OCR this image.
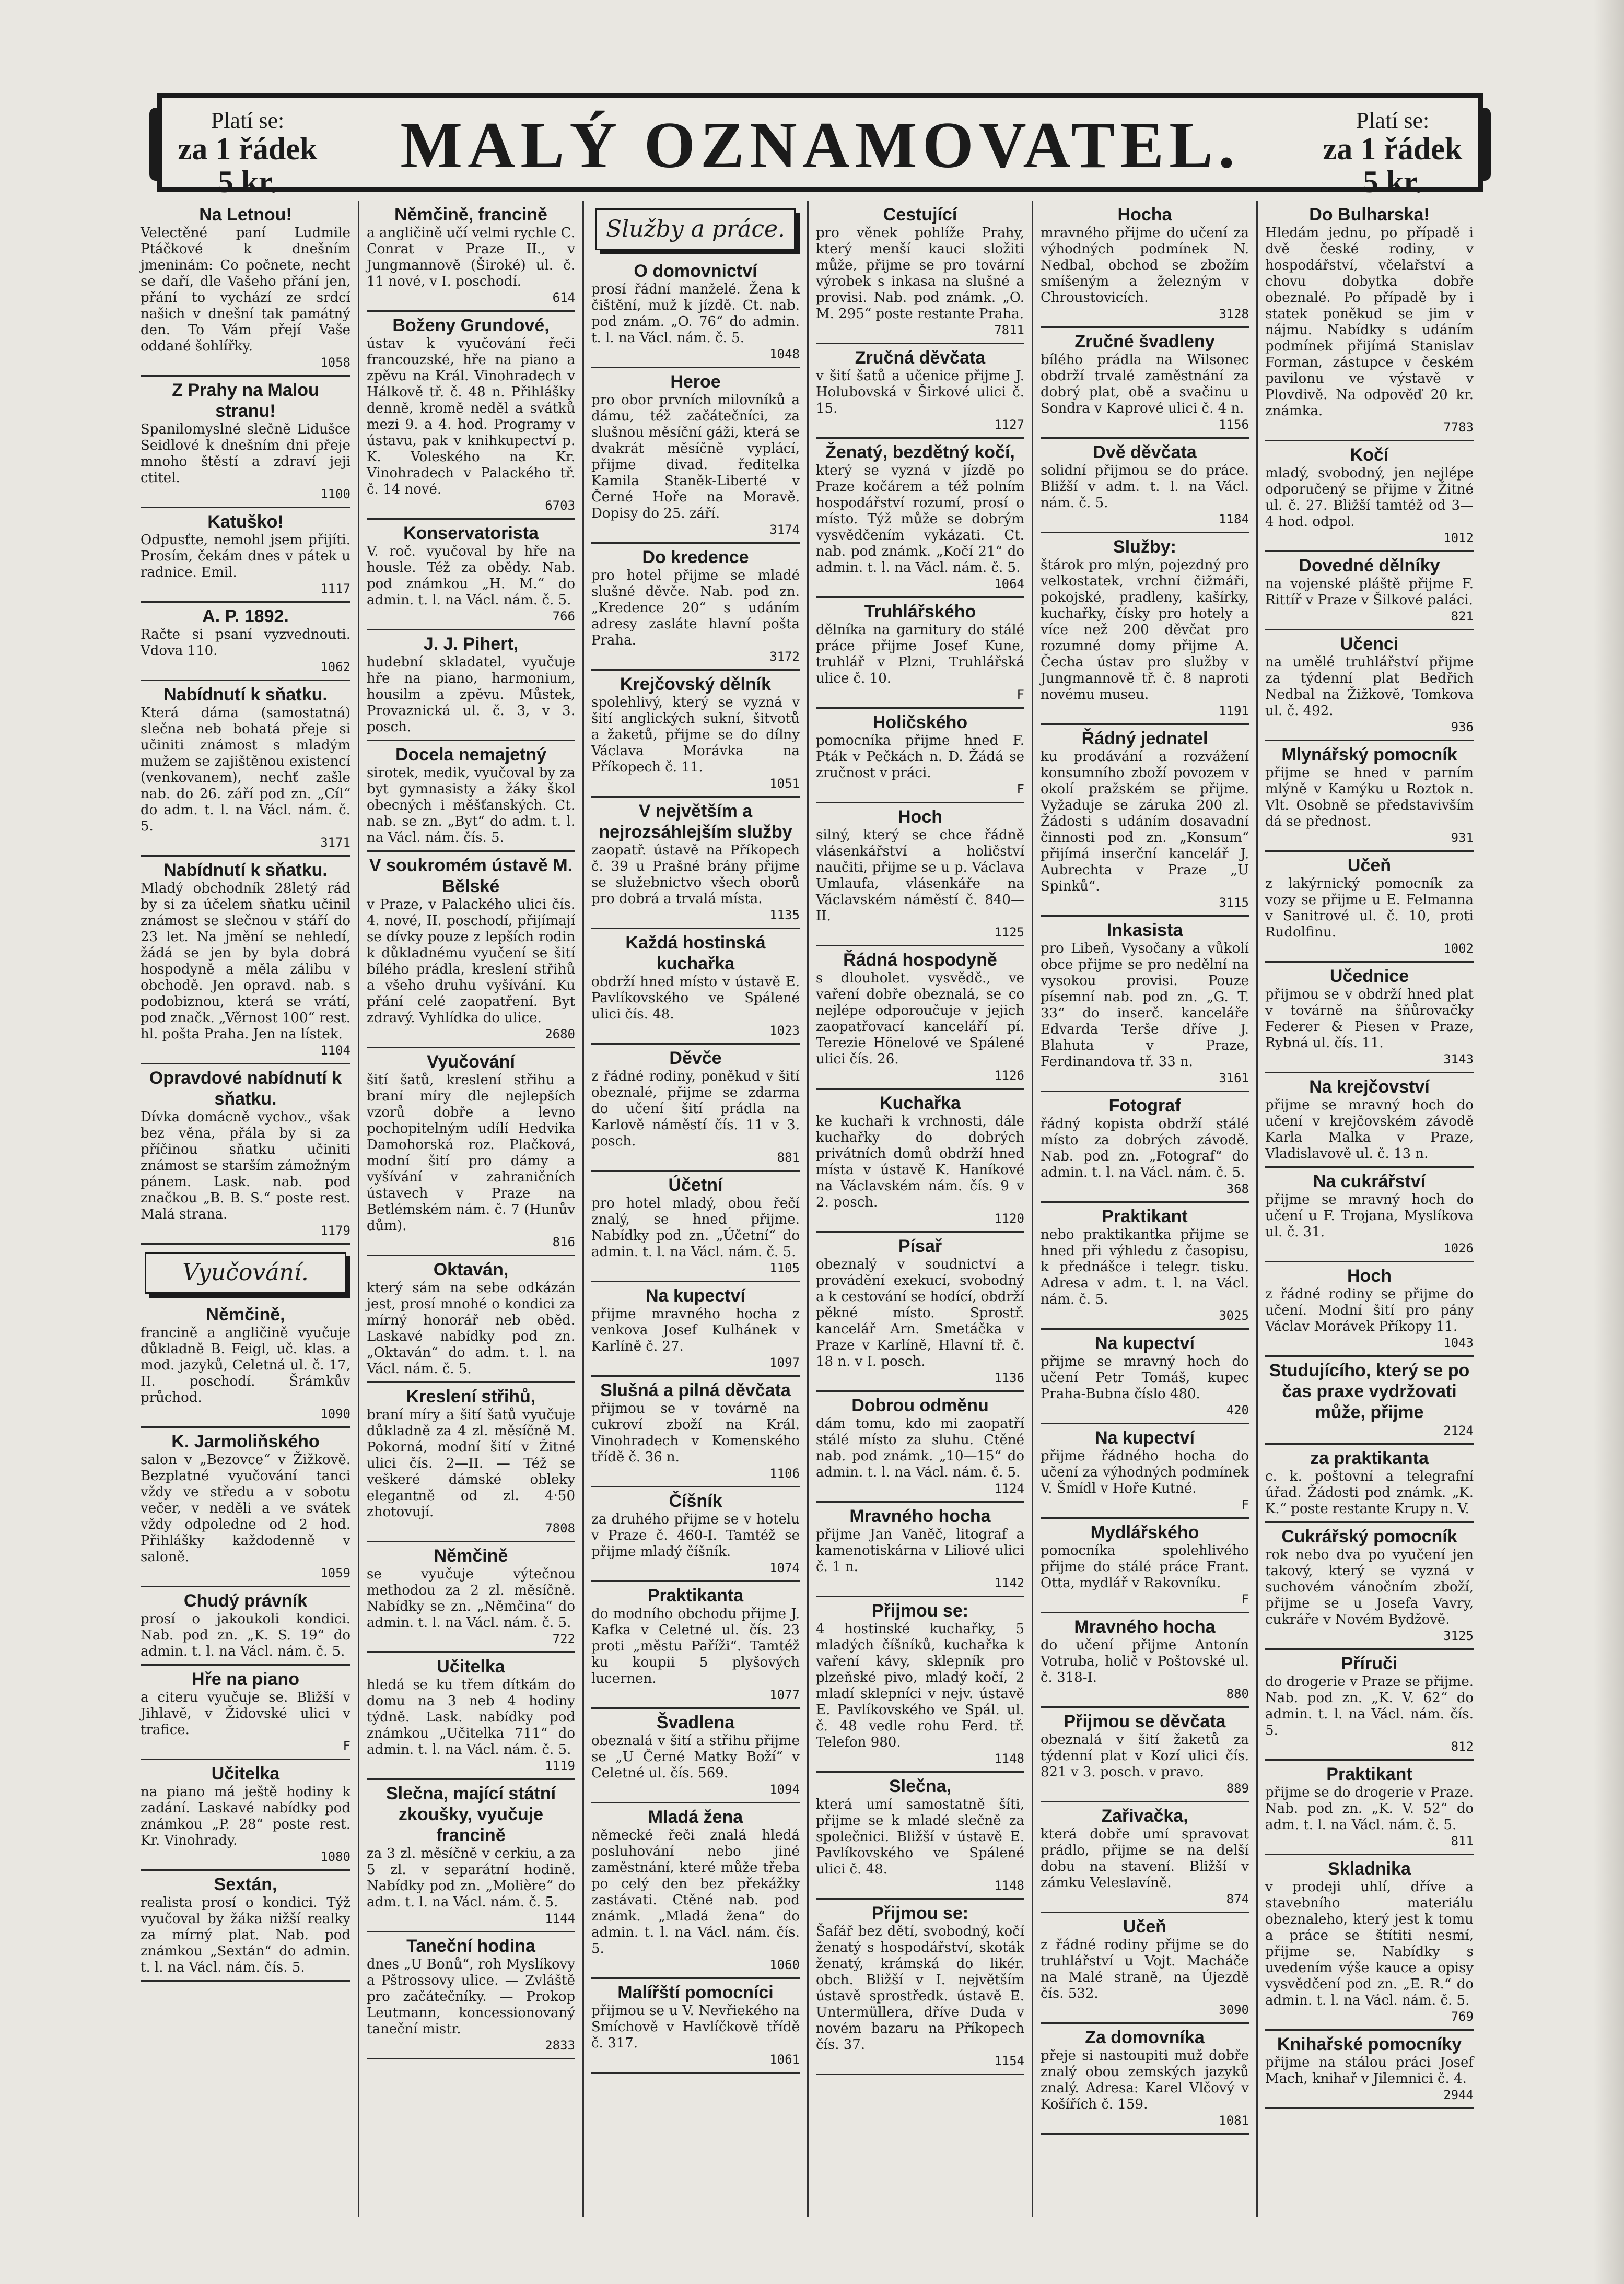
Platí se:
za 1 řádek 5 kr.
MALÝ OZNAMOVATEL.	Platí se:
za 1 řádek 5 kr.
Na Letnou!
Velectěné paní Ludmile Ptáčkové k dnešním jmeninám: Co počnete, necht se daří, dle Vašeho přání jen, přání to vychází ze srdcí našich v dnešní tak památný den. To Vám přejí Vaše oddané šohlířky.
1058
Z Prahy na Malou stranu!
Spanilomyslné slečně Lidušce Seidlové k dnešním dni přeje mnoho štěstí a zdraví jeji ctitel.
1100
Katuško!
Odpusťte, nemohl jsem přijíti. Prosím, čekám dnes v pátek u radnice. Emil.
1117
A. P. 1892.
Račte si psaní vyzvednouti. Vdova 110.
1062
Nabídnutí k sňatku.
Která dáma (samostatná) slečna neb bohatá přeje si učiniti známost s mladým mužem se zajištěnou existencí (venkovanem), nechť zašle nab. do 26. září pod zn. „Cíl“ do adm. t. l. na Václ. nám. č. 5.
3171
Nabídnutí k sňatku.
Mladý obchodník 28letý rád by si za účelem sňatku učinil známost se slečnou v stáří do 23 let. Na jmění se nehledí, žádá se jen by byla dobrá hospodyně a měla zálibu v obchodě. Jen opravd. nab. s podobiznou, která se vrátí, pod značk. „Věrnost 100“ rest. hl. pošta Praha. Jen na lístek.
1104
Opravdové nabídnutí k sňatku.
Dívka domácně vychov., však bez věna, přála by si za příčinou sňatku učiniti známost se starším zámožným pánem. Lask. nab. pod značkou „B. B. S.“ poste rest. Malá strana.
1179
Vyučování.
Němčině,
francině a angličině vyučuje důkladně B. Feigl, uč. klas. a mod. jazyků, Celetná ul. č. 17, II. poschodí. Šrámkův průchod.
1090
K. Jarmoliňského
salon v „Bezovce“ v Žižkově. Bezplatné vyučování tanci vždy ve středu a v sobotu večer, v neděli a ve svátek vždy odpoledne od 2 hod. Přihlášky každodenně v saloně.
1059
Chudý právník
prosí o jakoukoli kondici. Nab. pod zn. „K. S. 19“ do admin. t. l. na Václ. nám. č. 5.
Hře na piano
a citeru vyučuje se. Bližší v Jihlavě, v Židovské ulici v trafice.
F
Učitelka
na piano má ještě hodiny k zadání. Laskavé nabídky pod známkou „P. 28“ poste rest. Kr. Vinohrady.
1080
Sextán,
realista prosí o kondici. Týž vyučoval by žáka nižší realky za mírný plat. Nab. pod známkou „Sextán“ do admin. t. l. na Václ. nám. čís. 5.
Němčině, francině
a angličině učí velmi rychle C. Conrat v Praze II., v Jungmannově (Široké) ul. č. 11 nové, v I. poschodí.
614
Boženy Grundové,
ústav k vyučování řeči francouzské, hře na piano a zpěvu na Král. Vinohradech v Hálkově tř. č. 48 n. Přihlášky denně, kromě neděl a svátků mezi 9. a 4. hod. Programy v ústavu, pak v knihkupectví p. K. Voleského na Kr. Vinohradech v Palackého tř. č. 14 nové.
6703
Konservatorista
V. roč. vyučoval by hře na housle. Též za obědy. Nab. pod známkou „H. M.“ do admin. t. l. na Václ. nám. č. 5.
766
J. J. Pihert,
hudební skladatel, vyučuje hře na piano, harmonium, housilm a zpěvu. Můstek, Provaznická ul. č. 3, v 3. posch.
Docela nemajetný
sirotek, medik, vyučoval by za byt gymnasisty a žáky škol obecných i měšťanských. Ct. nab. se zn. „Byt“ do adm. t. l. na Václ. nám. čís. 5.
V soukromém ústavě M. Bělské
v Praze, v Palackého ulici čís. 4. nové, II. poschodí, přijímají se dívky pouze z lepších rodin k důkladnému vyučení se šití bílého prádla, kreslení střihů a všeho druhu vyšívání. Ku přání celé zaopatření. Byt zdravý. Vyhlídka do ulice.
2680
Vyučování
šití šatů, kreslení střihu a braní míry dle nejlepších vzorů dobře a levno pochopitelným udílí Hedvika Damohorská roz. Plačková, modní šití pro dámy a vyšívání v zahraničních ústavech v Praze na Betlémském nám. č. 7 (Hunův dům).
816
Oktaván,
který sám na sebe odkázán jest, prosí mnohé o kondici za mírný honorář neb oběd. Laskavé nabídky pod zn. „Oktaván“ do adm. t. l. na Václ. nám. č. 5.
Kreslení střihů,
braní míry a šití šatů vyučuje důkladně za 4 zl. měsíčně M. Pokorná, modní šití v Žitné ulici čís. 2—II. — Též se veškeré dámské obleky elegantně od zl. 4·50 zhotovují.
7808
Němčině
se vyučuje výtečnou methodou za 2 zl. měsíčně. Nabídky se zn. „Němčina“ do admin. t. l. na Václ. nám. č. 5.
722
Učitelka
hledá se ku třem dítkám do domu na 3 neb 4 hodiny týdně. Lask. nabídky pod známkou „Učitelka 711“ do admin. t. l. na Václ. nám. č. 5.
1119
Slečna, mající státní zkoušky, vyučuje francině
za 3 zl. měsíčně v cerkiu, a za 5 zl. v separátní hodině. Nabídky pod zn. „Molière“ do adm. t. l. na Václ. nám. č. 5.
1144
Taneční hodina
dnes „U Bonů“, roh Myslíkovy a Pštrossovy ulice. — Zvláště pro začátečníky. — Prokop Leutmann, koncessionovaný taneční mistr.
2833
Služby a práce.
O domovnictví
prosí řádní manželé. Žena k čištění, muž k jízdě. Ct. nab. pod znám. „O. 76“ do admin. t. l. na Václ. nám. č. 5.
1048
Heroe
pro obor prvních milovníků a dámu, též začátečníci, za slušnou měsíční gáži, která se dvakrát měsíčně vyplácí, přijme divad. ředitelka Kamila Staněk-Liberté v Černé Hoře na Moravě. Dopisy do 25. září.
3174
Do kredence
pro hotel přijme se mladé slušné děvče. Nab. pod zn. „Kredence 20“ s udáním adresy zasláte hlavní pošta Praha.
3172
Krejčovský dělník
spolehlivý, který se vyzná v šití anglických sukní, šitvotů a žaketů, přijme se do dílny Václava Morávka na Příkopech č. 11.
1051
V největším a nejrozsáhlejším služby
zaopatř. ústavě na Příkopech č. 39 u Prašné brány přijme se služebnictvo všech oborů pro dobrá a trvalá místa.
1135
Každá hostinská kuchařka
obdrží hned místo v ústavě E. Pavlíkovského ve Spálené ulici čís. 48.
1023
Děvče
z řádné rodiny, poněkud v šití obeznalé, přijme se zdarma do učení šití prádla na Karlově náměstí čís. 11 v 3. posch.
881
Účetní
pro hotel mladý, obou řečí znalý, se hned přijme. Nabídky pod zn. „Účetní“ do admin. t. l. na Václ. nám. č. 5.
1105
Na kupectví
přijme mravného hocha z venkova Josef Kulhánek v Karlíně č. 27.
1097
Slušná a pilná děvčata
přijmou se v továrně na cukroví zboží na Král. Vinohradech v Komenského třídě č. 36 n.
1106
Číšník
za druhého přijme se v hotelu v Praze č. 460-I. Tamtéž se přijme mladý číšník.
1074
Praktikanta
do modního obchodu přijme J. Kafka v Celetné ul. čís. 23 proti „městu Paříži“. Tamtéž ku koupii 5 plyšových lucernen.
1077
Švadlena
obeznalá v šití a střihu přijme se „U Černé Matky Boží“ v Celetné ul. čís. 569.
1094
Mladá žena
německé řeči znalá hledá posluhování nebo jiné zaměstnání, které může třeba po celý den bez překážky zastávati. Ctěné nab. pod známk. „Mladá žena“ do admin. t. l. na Václ. nám. čís. 5.
1060
Malířští pomocníci
přijmou se u V. Nevřiekého na Smíchově v Havlíčkově třídě č. 317.
1061
Cestující
pro věnek pohlíže Prahy, který menší kauci složiti může, přijme se pro tovární výrobek s inkasa na slušné a provisi. Nab. pod známk. „O. M. 295“ poste restante Praha.
7811
Zručná děvčata
v šití šatů a učenice přijme J. Holubovská v Širkové ulici č. 15.
1127
Ženatý, bezdětný kočí,
který se vyzná v jízdě po Praze kočárem a též polním hospodářství rozumí, prosí o místo. Týž může se dobrým vysvědčením vykázati. Ct. nab. pod známk. „Kočí 21“ do admin. t. l. na Václ. nám. č. 5.
1064
Truhlářského
dělníka na garnitury do stálé práce přijme Josef Kune, truhlář v Plzni, Truhlářská ulice č. 10.
F
Holičského
pomocníka přijme hned F. Pták v Pečkách n. D. Žádá se zručnost v práci.
F
Hoch
silný, který se chce řádně vlásenkářství a holičství naučiti, přijme se u p. Václava Umlaufa, vlásenkáře na Václavském náměstí č. 840—II.
1125
Řádná hospodyně
s dlouholet. vysvědč., ve vaření dobře obeznalá, se co nejlépe odporoučuje v jejich zaopatřovací kanceláří pí. Terezie Hönelové ve Spálené ulici čís. 26.
1126
Kuchařka
ke kuchaři k vrchnosti, dále kuchařky do dobrých privátních domů obdrží hned místa v ústavě K. Haníkové na Václavském nám. čís. 9 v 2. posch.
1120
Písař
obeznalý v soudnictví a provádění exekucí, svobodný a k cestování se hodící, obdrží pěkné místo. Sprostř. kancelář Arn. Smetáčka v Praze v Karlíně, Hlavní tř. č. 18 n. v I. posch.
1136
Dobrou odměnu
dám tomu, kdo mi zaopatří stálé místo za sluhu. Ctěné nab. pod známk. „10—15“ do admin. t. l. na Václ. nám. č. 5.
1124
Mravného hocha
přijme Jan Vaněč, litograf a kamenotiskárna v Liliové ulici č. 1 n.
1142
Přijmou se:
4 hostinské kuchařky, 5 mladých číšníků, kuchařka k vaření kávy, sklepník pro plzeňské pivo, mladý kočí, 2 mladí sklepníci v nejv. ústavě E. Pavlíkovského ve Spál. ul. č. 48 vedle rohu Ferd. tř. Telefon 980.
1148
Slečna,
která umí samostatně šíti, přijme se k mladé slečně za společnici. Bližší v ústavě E. Pavlíkovského ve Spálené ulici č. 48.
1148
Přijmou se:
Šafář bez dětí, svobodný, kočí ženatý s hospodářství, skoták ženatý, krámská do likér. obch. Bližší v I. největším ústavě sprostředk. ústavě E. Untermüllera, dříve Duda v novém bazaru na Příkopech čís. 37.
1154
Hocha
mravného přijme do učení za výhodných podmínek N. Nedbal, obchod se zbožím smíšeným a železným v Chroustovicích.
3128
Zručné švadleny
bílého prádla na Wilsonec obdrží trvalé zaměstnání za dobrý plat, obě a svačinu u Sondra v Kaprové ulici č. 4 n.
1156
Dvě děvčata
solidní přijmou se do práce. Bližší v adm. t. l. na Václ. nám. č. 5.
1184
Služby:
štárok pro mlýn, pojezdný pro velkostatek, vrchní čižmáři, pokojské, pradleny, kašírky, kuchařky, čísky pro hotely a více než 200 děvčat pro rozumné domy přijme A. Čecha ústav pro služby v Jungmannově tř. č. 8 naproti novému museu.
1191
Řádný jednatel
ku prodávání a rozvážení konsumního zboží povozem v okolí pražském se přijme. Vyžaduje se záruka 200 zl. Žádosti s udáním dosavadní činnosti pod zn. „Konsum“ přijímá inserční kancelář J. Aubrechta v Praze „U Spinků“.
3115
Inkasista
pro Libeň, Vysočany a vůkolí obce přijme se pro nedělní na vysokou provisi. Pouze písemní nab. pod zn. „G. T. 33“ do inserč. kanceláře Edvarda Terše dříve J. Blahuta v Praze, Ferdinandova tř. 33 n.
3161
Fotograf
řádný kopista obdrží stálé místo za dobrých závodě. Nab. pod zn. „Fotograf“ do admin. t. l. na Václ. nám. č. 5.
368
Praktikant
nebo praktikantka přijme se hned při výhledu z časopisu, k přednášce i telegr. tisku. Adresa v adm. t. l. na Václ. nám. č. 5.
3025
Na kupectví
přijme se mravný hoch do učení Petr Tomáš, kupec Praha-Bubna číslo 480.
420
Na kupectví
přijme řádného hocha do učení za výhodných podmínek V. Šmídl v Hoře Kutné.
F
Mydlářského
pomocníka spolehlivého přijme do stálé práce Frant. Otta, mydlář v Rakovníku.
F
Mravného hocha
do učení přijme Antonín Votruba, holič v Poštovské ul. č. 318-I.
880
Přijmou se děvčata
obeznalá v šití žaketů za týdenní plat v Kozí ulici čís. 821 v 3. posch. v pravo.
889
Zařivačka,
která dobře umí spravovat prádlo, přijme se na delší dobu na stavení. Bližší v zámku Veleslavíně.
874
Učeň
z řádné rodiny přijme se do truhlářství u Vojt. Macháče na Malé straně, na Újezdě čís. 532.
3090
Za domovníka
přeje si nastoupiti muž dobře znalý obou zemských jazyků znalý. Adresa: Karel Vlčový v Košířích č. 159.
1081
Do Bulharska!
Hledám jednu, po případě i dvě české rodiny, v hospodářství, včelařství a chovu dobytka dobře obeznalé. Po případě by i statek poněkud se jim v nájmu. Nabídky s udáním podmínek přijímá Stanislav Forman, zástupce v českém pavilonu ve výstavě v Plovdivě. Na odpověď 20 kr. známka.
7783
Kočí
mladý, svobodný, jen nejlépe odporučený se přijme v Žitné ul. č. 27. Bližší tamtéž od 3—4 hod. odpol.
1012
Dovedné dělníky
na vojenské pláště přijme F. Rittíř v Praze v Šilkové paláci.
821
Učenci
na umělé truhlářství přijme za týdenní plat Bedřich Nedbal na Žižkově, Tomkova ul. č. 492.
936
Mlynářský pomocník
přijme se hned v parním mlýně v Kamýku u Roztok n. Vlt. Osobně se představivším dá se přednost.
931
Učeň
z lakýrnický pomocník za vozy se přijme u E. Felmanna v Sanitrové ul. č. 10, proti Rudolfinu.
1002
Učednice
přijmou se v obdrží hned plat v továrně na šňůrovačky Federer & Piesen v Praze, Rybná ul. čís. 11.
3143
Na krejčovství
přijme se mravný hoch do učení v krejčovském závodě Karla Malka v Praze, Vladislavově ul. č. 13 n.
Na cukrářství
přijme se mravný hoch do učení u F. Trojana, Myslíkova ul. č. 31.
1026
Hoch
z řádné rodiny se přijme do učení. Modní šití pro pány Václav Morávek Příkopy 11.
1043
Studujícího, který se po čas praxe vydržovati může, přijme
2124
za praktikanta
c. k. poštovní a telegrafní úřad. Žádosti pod známk. „K. K.“ poste restante Krupy n. V.
Cukrářský pomocník
rok nebo dva po vyučení jen takový, který se vyzná v suchovém vánočním zboží, přijme se u Josefa Vavry, cukráře v Novém Bydžově.
3125
Příruči
do drogerie v Praze se přijme. Nab. pod zn. „K. V. 62“ do admin. t. l. na Václ. nám. čís. 5.
812
Praktikant
přijme se do drogerie v Praze. Nab. pod zn. „K. V. 52“ do adm. t. l. na Václ. nám. č. 5.
811
Skladnika
v prodeji uhlí, dříve a stavebního materiálu obeznaleho, který jest k tomu a práce se štítiti nesmí, přijme se. Nabídky s uvedením výše kauce a opisy vysvědčení pod zn. „E. R.“ do admin. t. l. na Václ. nám. č. 5.
769
Knihařské pomocníky
přijme na stálou práci Josef Mach, knihař v Jilemnici č. 4.
2944
